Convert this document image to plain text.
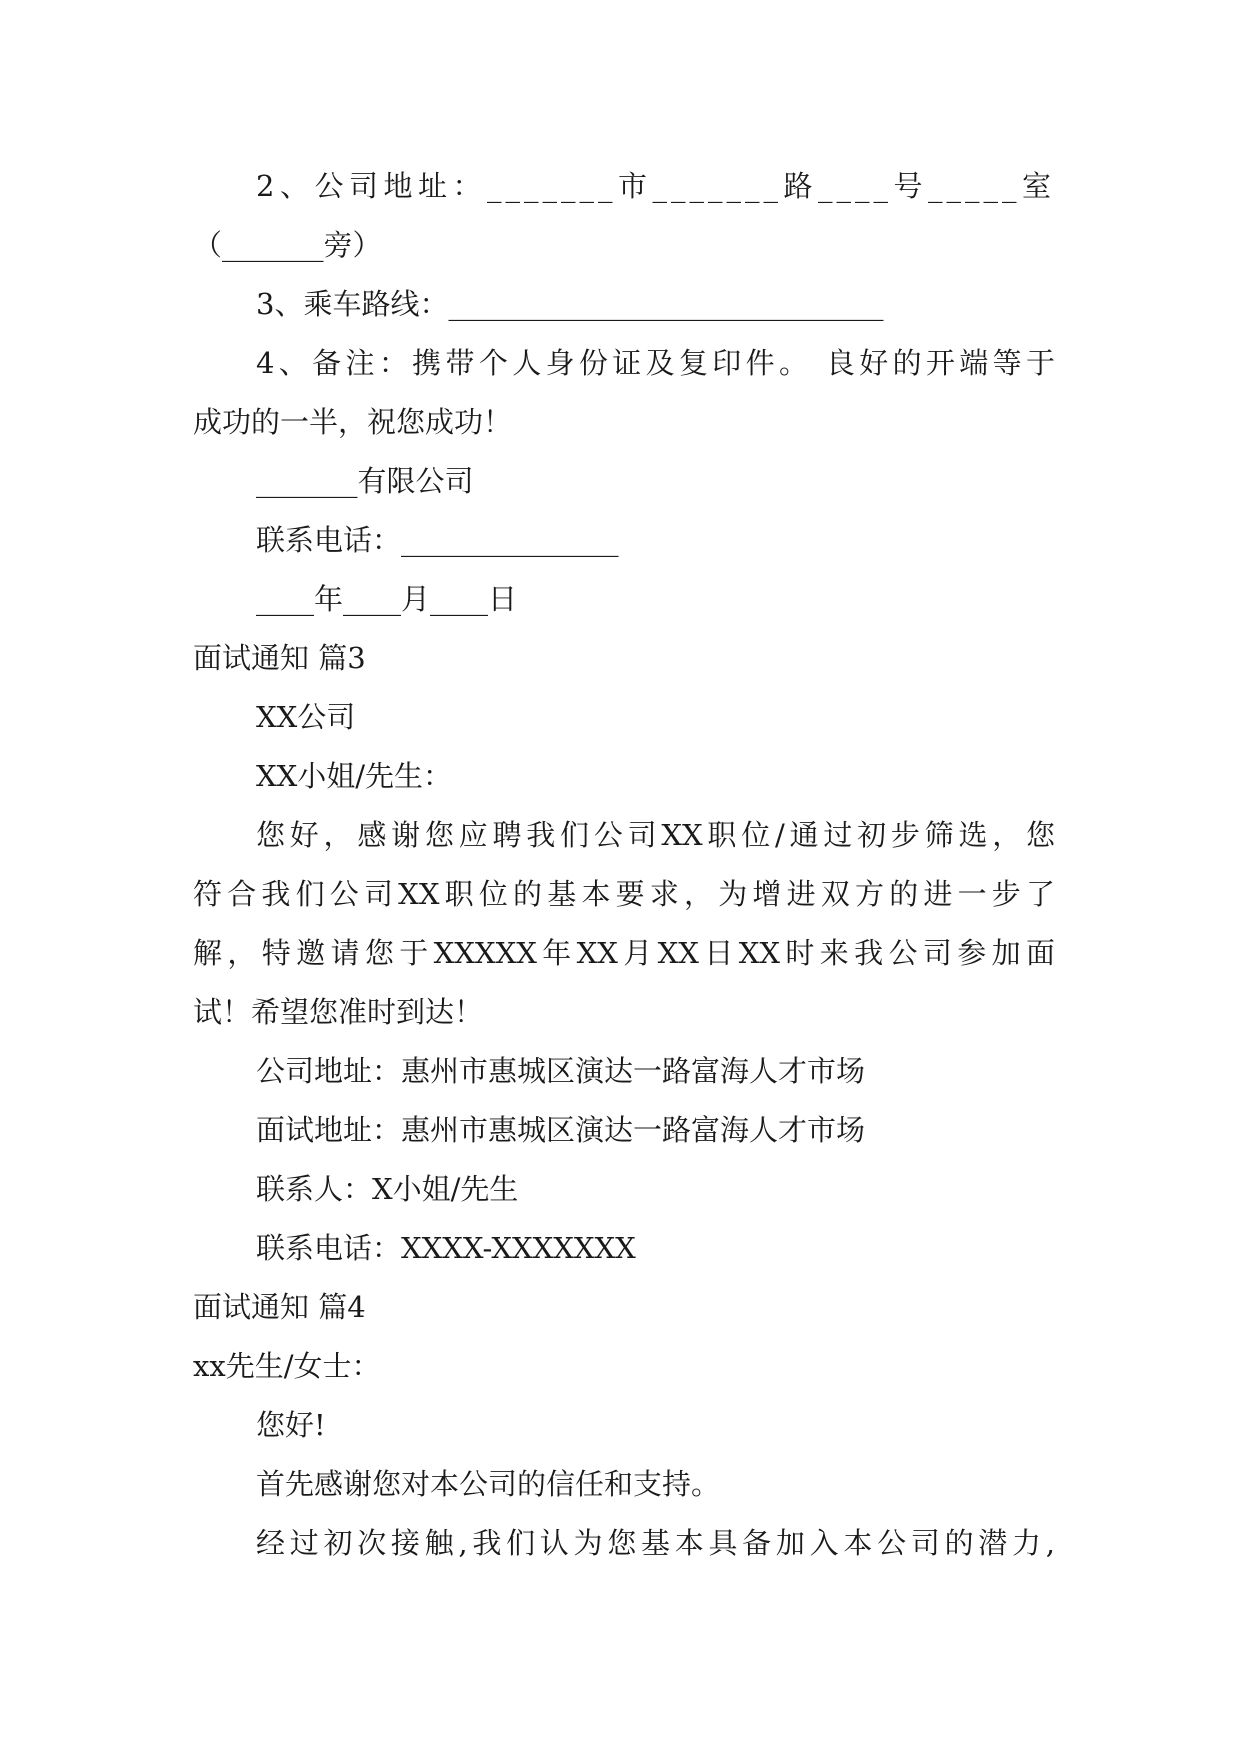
2、公司地址：_______市_______路____号_____室
（_______旁）
3、乘车路线：______________________________
4、备注：携带个人身份证及复印件。 良好的开端等于
成功的一半，祝您成功！
_______有限公司
联系电话：_______________
____年____月____日
面试通知 篇3
XX公司
XX小姐/先生：
您好，感谢您应聘我们公司XX职位/通过初步筛选，您
符合我们公司XX职位的基本要求，为增进双方的进一步了
解，特邀请您于XXXXX年XX月XX日XX时来我公司参加面
试！希望您准时到达！
公司地址：惠州市惠城区演达一路富海人才市场
面试地址：惠州市惠城区演达一路富海人才市场
联系人：X小姐/先生
联系电话：XXXX-XXXXXXX
面试通知 篇4
xx先生/女士：
您好!
首先感谢您对本公司的信任和支持。
经过初次接触,我们认为您基本具备加入本公司的潜力,
